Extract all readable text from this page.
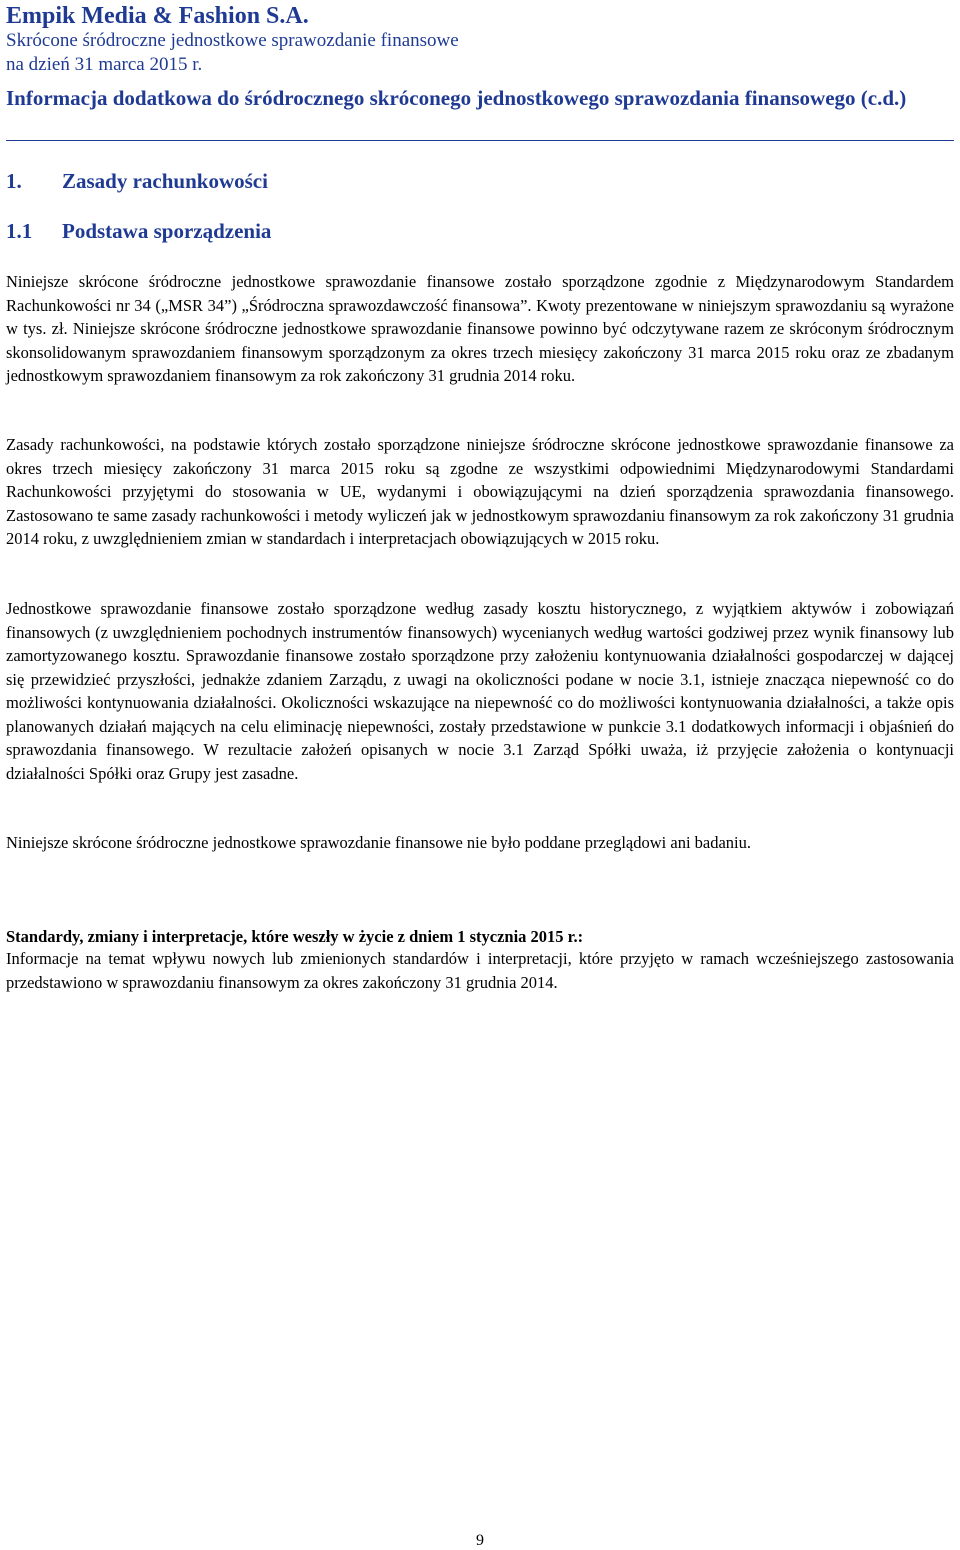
Empik Media & Fashion S.A.
Skrócone śródroczne jednostkowe sprawozdanie finansowe
na dzień 31 marca 2015 r.
Informacja dodatkowa do śródrocznego skróconego jednostkowego sprawozdania finansowego (c.d.)
1. Zasady rachunkowości
1.1 Podstawa sporządzenia
Niniejsze skrócone śródroczne jednostkowe sprawozdanie finansowe zostało sporządzone zgodnie z Międzynarodowym Standardem Rachunkowości nr 34 („MSR 34”) „Śródroczna sprawozdawczość finansowa”. Kwoty prezentowane w niniejszym sprawozdaniu są wyrażone w tys. zł. Niniejsze skrócone śródroczne jednostkowe sprawozdanie finansowe powinno być odczytywane razem ze skróconym śródrocznym skonsolidowanym sprawozdaniem finansowym sporządzonym za okres trzech miesięcy zakończony 31 marca 2015 roku oraz ze zbadanym jednostkowym sprawozdaniem finansowym za rok zakończony 31 grudnia 2014 roku.
Zasady rachunkowości, na podstawie których zostało sporządzone niniejsze śródroczne skrócone jednostkowe sprawozdanie finansowe za okres trzech miesięcy zakończony 31 marca 2015 roku są zgodne ze wszystkimi odpowiednimi Międzynarodowymi Standardami Rachunkowości przyjętymi do stosowania w UE, wydanymi i obowiązującymi na dzień sporządzenia sprawozdania finansowego. Zastosowano te same zasady rachunkowości i metody wyliczeń jak w jednostkowym sprawozdaniu finansowym za rok zakończony 31 grudnia 2014 roku, z uwzględnieniem zmian w standardach i interpretacjach obowiązujących w 2015 roku.
Jednostkowe sprawozdanie finansowe zostało sporządzone według zasady kosztu historycznego, z wyjątkiem aktywów i zobowiązań finansowych (z uwzględnieniem pochodnych instrumentów finansowych) wycenianych według wartości godziwej przez wynik finansowy lub zamortyzowanego kosztu. Sprawozdanie finansowe zostało sporządzone przy założeniu kontynuowania działalności gospodarczej w dającej się przewidzieć przyszłości, jednakże zdaniem Zarządu, z uwagi na okoliczności podane w nocie 3.1, istnieje znacząca niepewność co do możliwości kontynuowania działalności. Okoliczności wskazujące na niepewność co do możliwości kontynuowania działalności, a także opis planowanych działań mających na celu eliminację niepewności, zostały przedstawione w punkcie 3.1 dodatkowych informacji i objaśnień do sprawozdania finansowego. W rezultacie założeń opisanych w nocie 3.1 Zarząd Spółki uważa, iż przyjęcie założenia o kontynuacji działalności Spółki oraz Grupy jest zasadne.
Niniejsze skrócone śródroczne jednostkowe sprawozdanie finansowe nie było poddane przeglądowi ani badaniu.
Standardy, zmiany i interpretacje, które weszły w życie z dniem 1 stycznia 2015 r.:
Informacje na temat wpływu nowych lub zmienionych standardów i interpretacji, które przyjęto w ramach wcześniejszego zastosowania przedstawiono w sprawozdaniu finansowym za okres zakończony 31 grudnia 2014.
9
